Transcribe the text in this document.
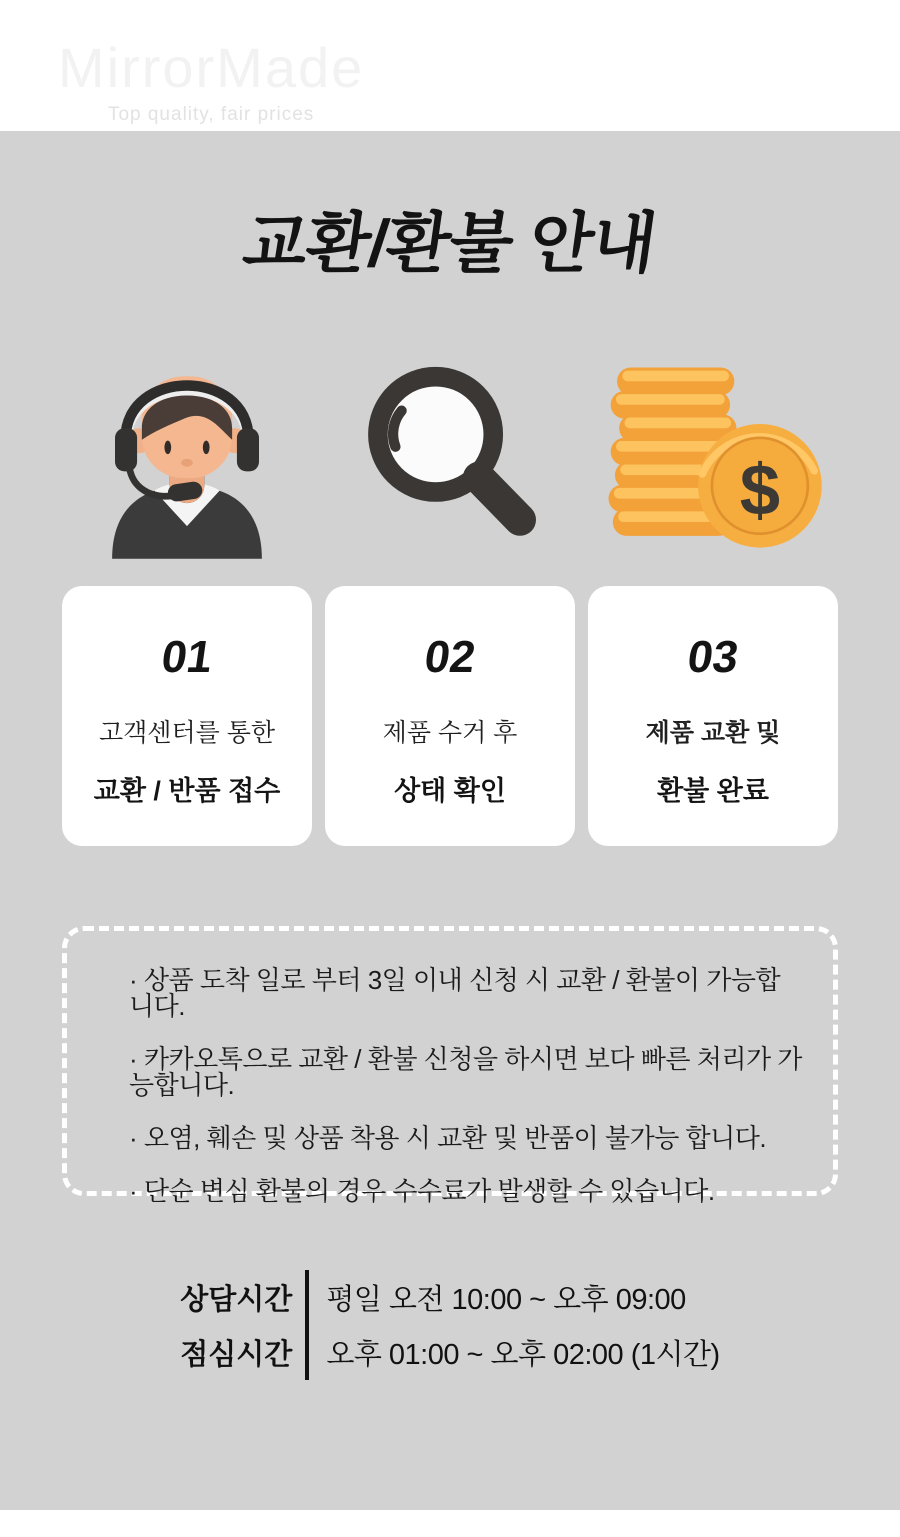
MirrorMade
Top quality, fair prices
교환/환불 안내
$
01
고객센터를 통한
교환 / 반품 접수
02
제품 수거 후
상태 확인
03
제품 교환 및
환불 완료

· 상품 도착 일로 부터 3일 이내 신청 시 교환 / 환불이 가능합니다.

· 카카오톡으로 교환 / 환불 신청을 하시면 보다 빠른 처리가 가능합니다.

· 오염, 훼손 및 상품 착용 시 교환 및 반품이 불가능 합니다.

· 단순 변심 환불의 경우 수수료가 발생할 수 있습니다.

상담시간
점심시간
평일 오전 10:00 ~ 오후 09:00
오후 01:00 ~ 오후 02:00 (1시간)
